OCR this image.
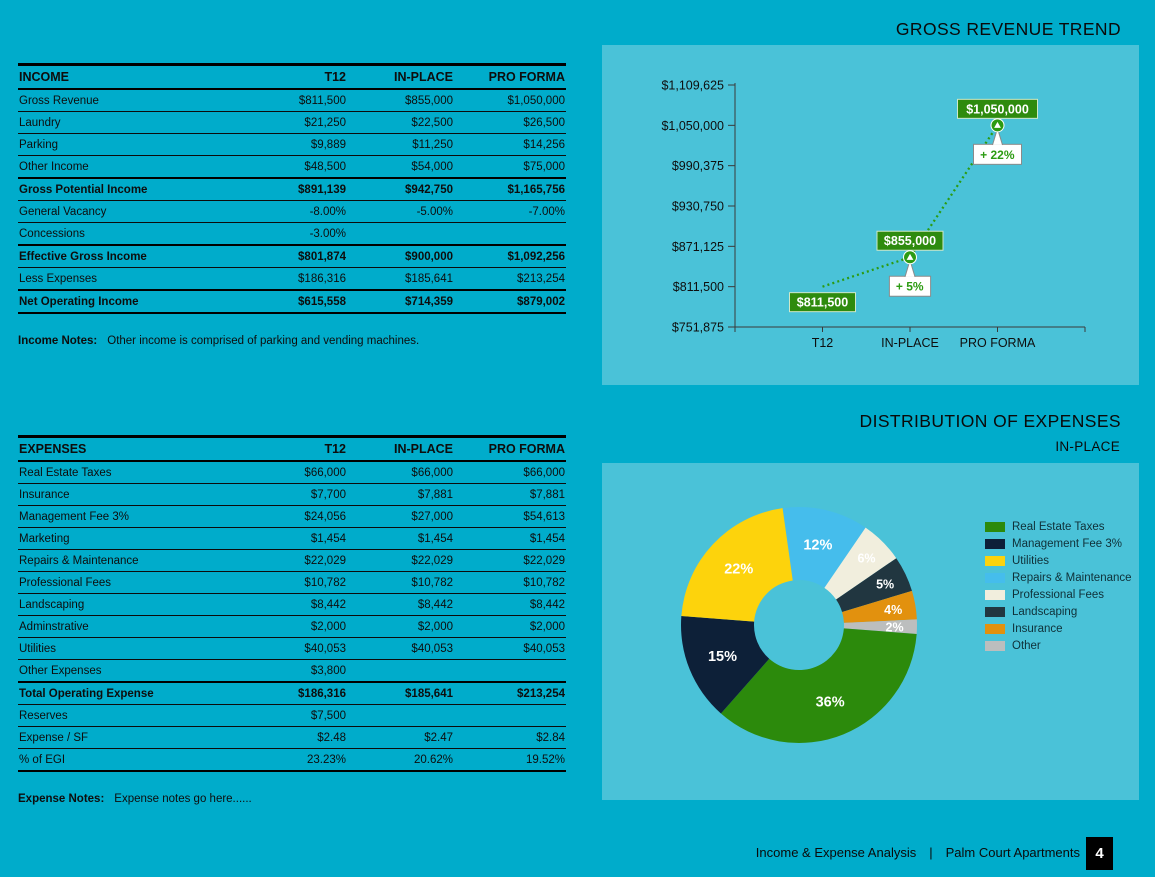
INCOME	T12	IN-PLACE	PRO FORMA
Gross Revenue	$811,500	$855,000	$1,050,000
Laundry	$21,250	$22,500	$26,500
Parking	$9,889	$11,250	$14,256
Other Income	$48,500	$54,000	$75,000
Gross Potential Income	$891,139	$942,750	$1,165,756
General Vacancy	-8.00%	-5.00%	-7.00%
Concessions	-3.00%		
Effective Gross Income	$801,874	$900,000	$1,092,256
Less Expenses	$186,316	$185,641	$213,254
Net Operating Income	$615,558	$714,359	$879,002
Income Notes: Other income is comprised of parking and vending machines.
EXPENSES	T12	IN-PLACE	PRO FORMA
Real Estate Taxes	$66,000	$66,000	$66,000
Insurance	$7,700	$7,881	$7,881
Management Fee 3%	$24,056	$27,000	$54,613
Marketing	$1,454	$1,454	$1,454
Repairs & Maintenance	$22,029	$22,029	$22,029
Professional Fees	$10,782	$10,782	$10,782
Landscaping	$8,442	$8,442	$8,442
Adminstrative	$2,000	$2,000	$2,000
Utilities	$40,053	$40,053	$40,053
Other Expenses	$3,800		
Total Operating Expense	$186,316	$185,641	$213,254
Reserves	$7,500		
Expense / SF	$2.48	$2.47	$2.84
% of EGI	23.23%	20.62%	19.52%
Expense Notes: Expense notes go here......
GROSS REVENUE TREND
$751,875
$811,500
$871,125
$930,750
$990,375
$1,050,000
$1,109,625
T12	IN-PLACE PRO FORMA
$811,500
$855,000
$1,050,000
+ 5%
+ 22%
DISTRIBUTION OF EXPENSES
IN-PLACE
12%
6%
5%
4%
2%
36%
15%
22%
Real Estate Taxes
Management Fee 3%
Utilities
Repairs & Maintenance
Professional Fees
Landscaping
Insurance
Other
Income & Expense Analysis | Palm Court Apartments	4
